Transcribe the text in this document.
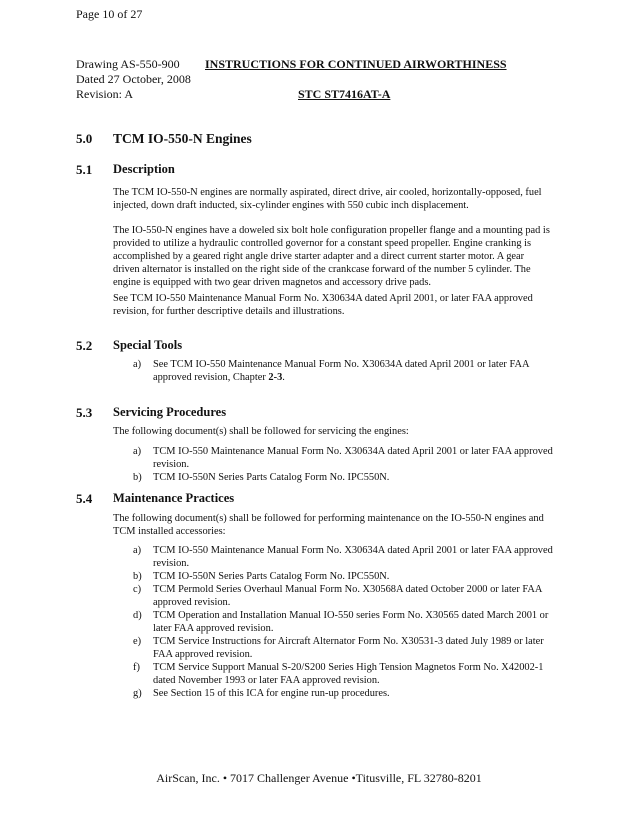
Page 10 of 27
Drawing AS-550-900 INSTRUCTIONS FOR CONTINUED AIRWORTHINESS
Dated 27 October, 2008
Revision: A	STC ST7416AT-A
5.0 TCM IO-550-N Engines
5.1 Description
The TCM IO-550-N engines are normally aspirated, direct drive, air cooled, horizontally-opposed, fuel injected, down draft inducted, six-cylinder engines with 550 cubic inch displacement.
The IO-550-N engines have a doweled six bolt hole configuration propeller flange and a mounting pad is provided to utilize a hydraulic controlled governor for a constant speed propeller. Engine cranking is accomplished by a geared right angle drive starter adapter and a direct current starter motor. A gear driven alternator is installed on the right side of the crankcase forward of the number 5 cylinder. The engine is equipped with two gear driven magnetos and accessory drive pads.
See TCM IO-550 Maintenance Manual Form No. X30634A dated April 2001, or later FAA approved revision, for further descriptive details and illustrations.
5.2 Special Tools
a) See TCM IO-550 Maintenance Manual Form No. X30634A dated April 2001 or later FAA approved revision, Chapter 2-3.
5.3 Servicing Procedures
The following document(s) shall be followed for servicing the engines:
a) TCM IO-550 Maintenance Manual Form No. X30634A dated April 2001 or later FAA approved revision.
b) TCM IO-550N Series Parts Catalog Form No. IPC550N.
5.4 Maintenance Practices
The following document(s) shall be followed for performing maintenance on the IO-550-N engines and TCM installed accessories:
a) TCM IO-550 Maintenance Manual Form No. X30634A dated April 2001 or later FAA approved revision.
b) TCM IO-550N Series Parts Catalog Form No. IPC550N.
c) TCM Permold Series Overhaul Manual Form No. X30568A dated October 2000 or later FAA approved revision.
d) TCM Operation and Installation Manual IO-550 series Form No. X30565 dated March 2001 or later FAA approved revision.
e) TCM Service Instructions for Aircraft Alternator Form No. X30531-3 dated July 1989 or later FAA approved revision.
f) TCM Service Support Manual S-20/S200 Series High Tension Magnetos Form No. X42002-1 dated November 1993 or later FAA approved revision.
g) See Section 15 of this ICA for engine run-up procedures.
AirScan, Inc. • 7017 Challenger Avenue •Titusville, FL 32780-8201
